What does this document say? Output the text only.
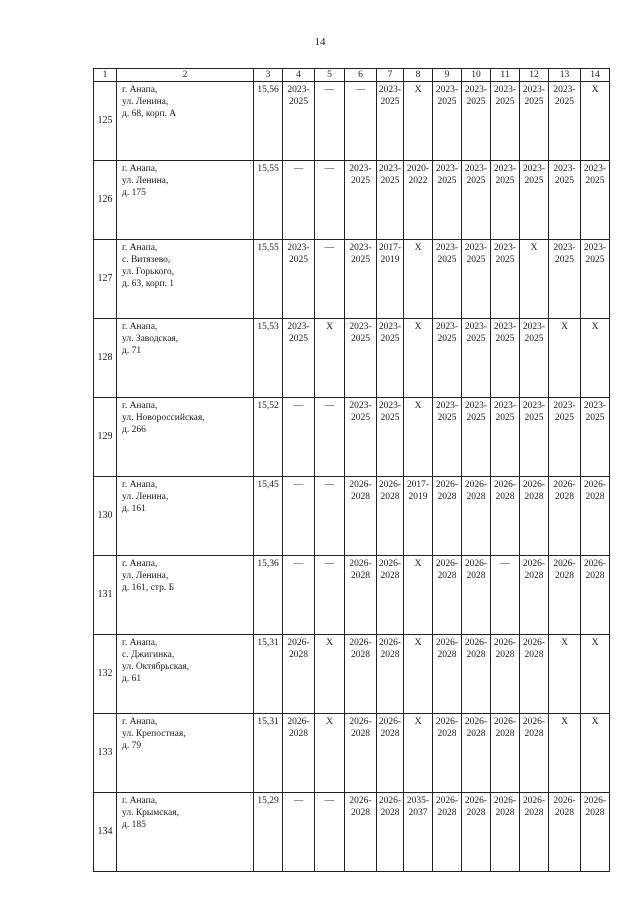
14
1	2	3	4	5	6	7	8	9	10	11	12	13	14
125	г. Анапа,
ул. Ленина,
д. 68, корп. А	15,56	2023-
2025	—	—	2023-
2025	X	2023-
2025	2023-
2025	2023-
2025	2023-
2025	2023-
2025	X
126	г. Анапа,
ул. Ленина,
д. 175	15,55	—	—	2023-
2025	2023-
2025	2020-
2022	2023-
2025	2023-
2025	2023-
2025	2023-
2025	2023-
2025	2023-
2025

127	г. Анапа,
с. Витязево,
ул. Горького,
д. 63, корп. 1	15,55	2023-
2025	—	2023-
2025	2017-
2019	X	2023-
2025	2023-
2025	2023-
2025	X	2023-
2025	2023-
2025

128	г. Анапа,
ул. Заводская,
д. 71	15,53	2023-
2025	X	2023-
2025	2023-
2025	X	2023-
2025	2023-
2025	2023-
2025	2023-
2025	X	X
129	г. Анапа,
ул. Новороссийская,
д. 266	15,52	—	—	2023-
2025	2023-
2025	X	2023-
2025	2023-
2025	2023-
2025	2023-
2025	2023-
2025	2023-
2025

130	г. Анапа,
ул. Ленина,
д. 161	15,45	—	—	2026-
2028	2026-
2028	2017-
2019	2026-
2028	2026-
2028	2026-
2028	2026-
2028	2026-
2028	2026-
2028

131	г. Анапа,
ул. Ленина,
д. 161, стр. Б	15,36	—	—	2026-
2028	2026-
2028	X	2026-
2028	2026-
2028	—	2026-
2028	2026-
2028	2026-
2028

132	г. Анапа,
с. Джигинка,
ул. Октябрьская,
д. 61	15,31	2026-
2028	X	2026-
2028	2026-
2028	X	2026-
2028	2026-
2028	2026-
2028	2026-
2028	X	X
133	г. Анапа,
ул. Крепостная,
д. 79	15,31	2026-
2028	X	2026-
2028	2026-
2028	X	2026-
2028	2026-
2028	2026-
2028	2026-
2028	X	X
134	г. Анапа,
ул. Крымская,
д. 185	15,29	—	—	2026-
2028	2026-
2028	2035-
2037	2026-
2028	2026-
2028	2026-
2028	2026-
2028	2026-
2028	2026-
2028
